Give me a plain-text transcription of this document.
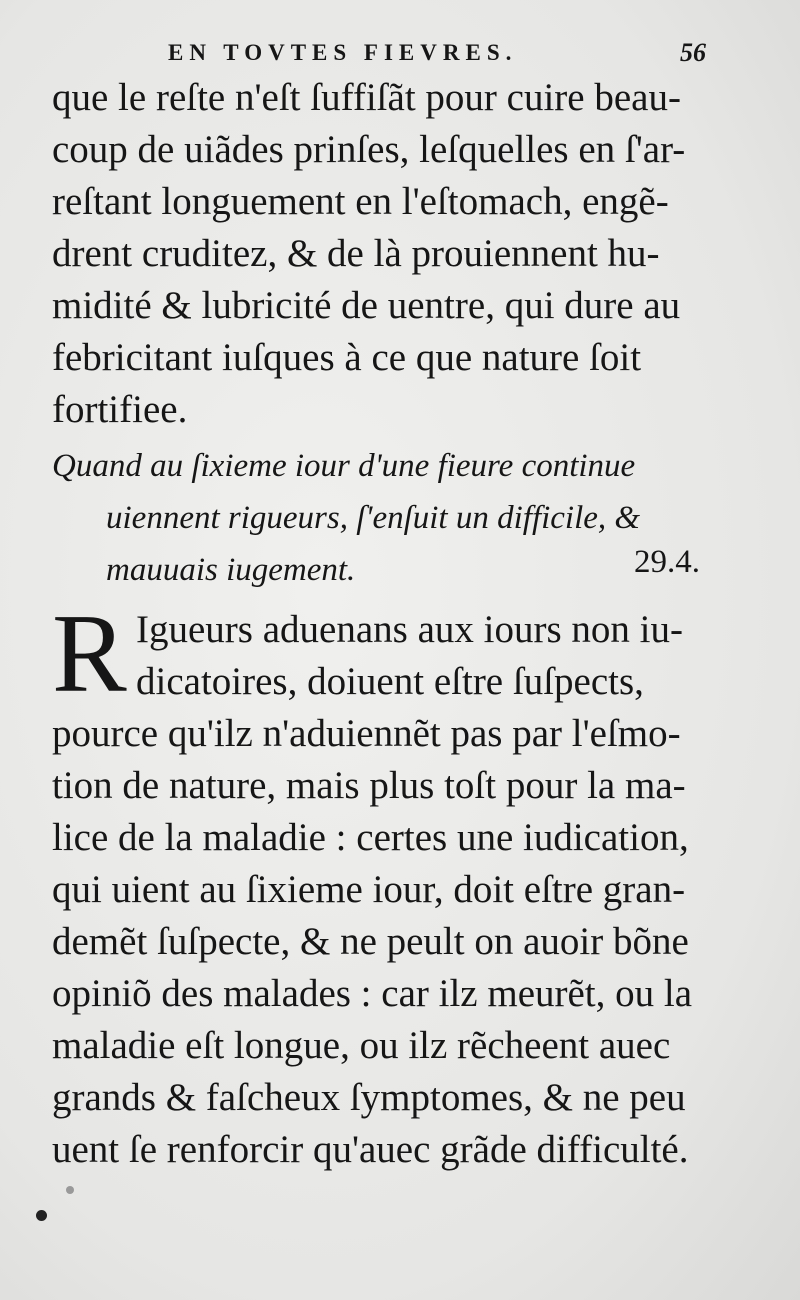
EN TOVTES FIEVRES.	56
que le reſte n'eſt ſuffiſãt pour cuire beau-
coup de uiãdes prinſes, leſquelles en ſ'ar-
reſtant longuement en l'eſtomach, engẽ-
drent cruditez, & de là prouiennent hu-
midité & lubricité de uentre, qui dure au
febricitant iuſques à ce que nature ſoit
fortifiee.
Quand au ſixieme iour d'une fieure continue
uiennent rigueurs, ſ'enſuit un difficile, &
mauuais iugement.	29.4.
R Igueurs aduenans aux iours non iu-
dicatoires, doiuent eſtre ſuſpects,
pource qu'ilz n'aduiennẽt pas par l'eſmo-
tion de nature, mais plus toſt pour la ma-
lice de la maladie : certes une iudication,
qui uient au ſixieme iour, doit eſtre gran-
demẽt ſuſpecte, & ne peult on auoir bõne
opiniõ des malades : car ilz meurẽt, ou la
maladie eſt longue, ou ilz rẽcheent auec
grands & faſcheux ſymptomes, & ne peu
uent ſe renforcir qu'auec grãde difficulté.
